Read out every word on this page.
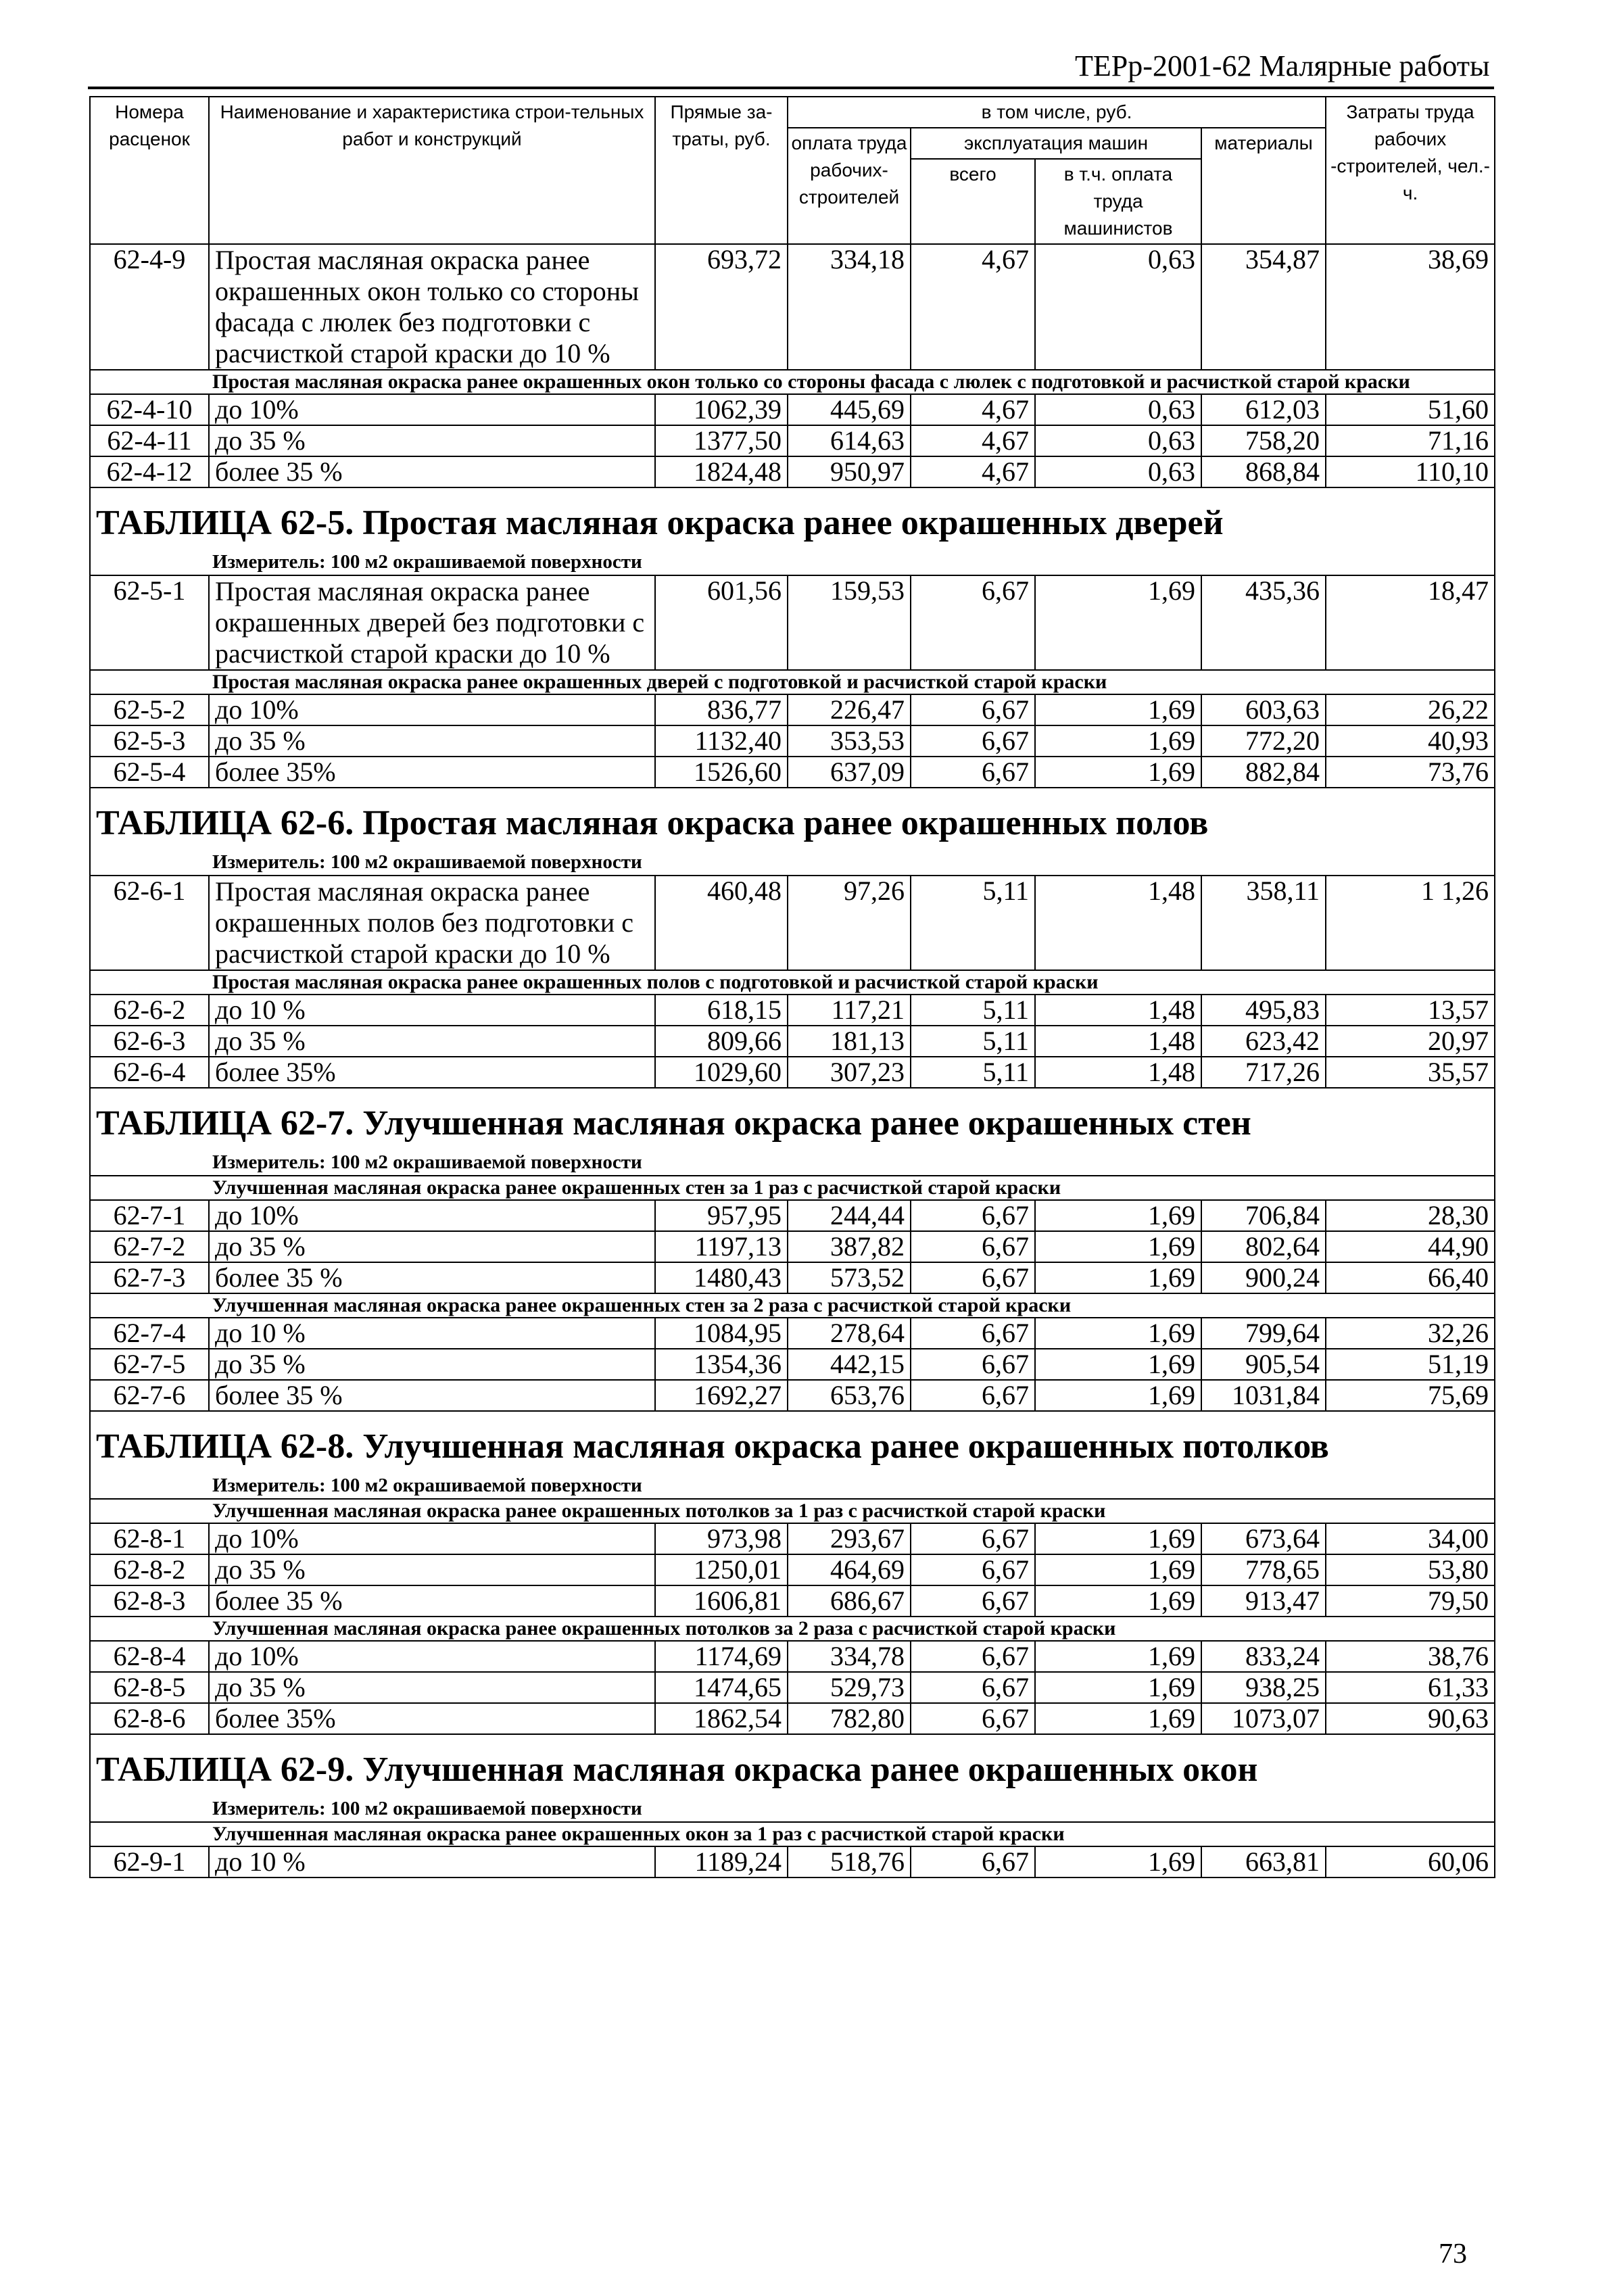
ТЕРр-2001-62 Малярные работы
Номера расценок	Наименование и характеристика строи-тельных работ и конструкций	Прямые за-траты, руб.	в том числе, руб.				Затраты труда рабочих -строителей, чел.-ч.
			оплата труда рабочих-строителей	эксплуатация машин		материалы	
				всего	в т.ч. оплата труда машинистов		
62-4-9	Простая масляная окраска ранее окрашенных окон только со стороны фасада с люлек без подготовки с расчисткой старой краски до 10 %	693,72	334,18	4,67	0,63	354,87	38,69
Простая масляная окраска ранее окрашенных окон только со стороны фасада с люлек с подготовкой и расчисткой старой краски							
62-4-10	до 10%	1062,39	445,69	4,67	0,63	612,03	51,60
62-4-11	до 35 %	1377,50	614,63	4,67	0,63	758,20	71,16
62-4-12	более 35 %	1824,48	950,97	4,67	0,63	868,84	110,10
ТАБЛИЦА 62-5. Простая масляная окраска ранее окрашенных дверей							
Измеритель: 100 м2 окрашиваемой поверхности							
62-5-1	Простая масляная окраска ранее окрашенных дверей без подготовки с расчисткой старой краски до 10 %	601,56	159,53	6,67	1,69	435,36	18,47
Простая масляная окраска ранее окрашенных дверей с подготовкой и расчисткой старой краски							
62-5-2	до 10%	836,77	226,47	6,67	1,69	603,63	26,22
62-5-3	до 35 %	1132,40	353,53	6,67	1,69	772,20	40,93
62-5-4	более 35%	1526,60	637,09	6,67	1,69	882,84	73,76
ТАБЛИЦА 62-6. Простая масляная окраска ранее окрашенных полов							
Измеритель: 100 м2 окрашиваемой поверхности							
62-6-1	Простая масляная окраска ранее окрашенных полов без подготовки с расчисткой старой краски до 10 %	460,48	97,26	5,11	1,48	358,11	1 1,26
Простая масляная окраска ранее окрашенных полов с подготовкой и расчисткой старой краски							
62-6-2	до 10 %	618,15	117,21	5,11	1,48	495,83	13,57
62-6-3	до 35 %	809,66	181,13	5,11	1,48	623,42	20,97
62-6-4	более 35%	1029,60	307,23	5,11	1,48	717,26	35,57
ТАБЛИЦА 62-7. Улучшенная масляная окраска ранее окрашенных стен							
Измеритель: 100 м2 окрашиваемой поверхности							
Улучшенная масляная окраска ранее окрашенных стен за 1 раз с расчисткой старой краски							
62-7-1	до 10%	957,95	244,44	6,67	1,69	706,84	28,30
62-7-2	до 35 %	1197,13	387,82	6,67	1,69	802,64	44,90
62-7-3	более 35 %	1480,43	573,52	6,67	1,69	900,24	66,40
Улучшенная масляная окраска ранее окрашенных стен за 2 раза с расчисткой старой краски							
62-7-4	до 10 %	1084,95	278,64	6,67	1,69	799,64	32,26
62-7-5	до 35 %	1354,36	442,15	6,67	1,69	905,54	51,19
62-7-6	более 35 %	1692,27	653,76	6,67	1,69	1031,84	75,69
ТАБЛИЦА 62-8. Улучшенная масляная окраска ранее окрашенных потолков							
Измеритель: 100 м2 окрашиваемой поверхности							
Улучшенная масляная окраска ранее окрашенных потолков за 1 раз с расчисткой старой краски							
62-8-1	до 10%	973,98	293,67	6,67	1,69	673,64	34,00
62-8-2	до 35 %	1250,01	464,69	6,67	1,69	778,65	53,80
62-8-3	более 35 %	1606,81	686,67	6,67	1,69	913,47	79,50
Улучшенная масляная окраска ранее окрашенных потолков за 2 раза с расчисткой старой краски							
62-8-4	до 10%	1174,69	334,78	6,67	1,69	833,24	38,76
62-8-5	до 35 %	1474,65	529,73	6,67	1,69	938,25	61,33
62-8-6	более 35%	1862,54	782,80	6,67	1,69	1073,07	90,63
ТАБЛИЦА 62-9. Улучшенная масляная окраска ранее окрашенных окон							
Измеритель: 100 м2 окрашиваемой поверхности							
Улучшенная масляная окраска ранее окрашенных окон за 1 раз с расчисткой старой краски							
62-9-1	до 10 %	1189,24	518,76	6,67	1,69	663,81	60,06
73
